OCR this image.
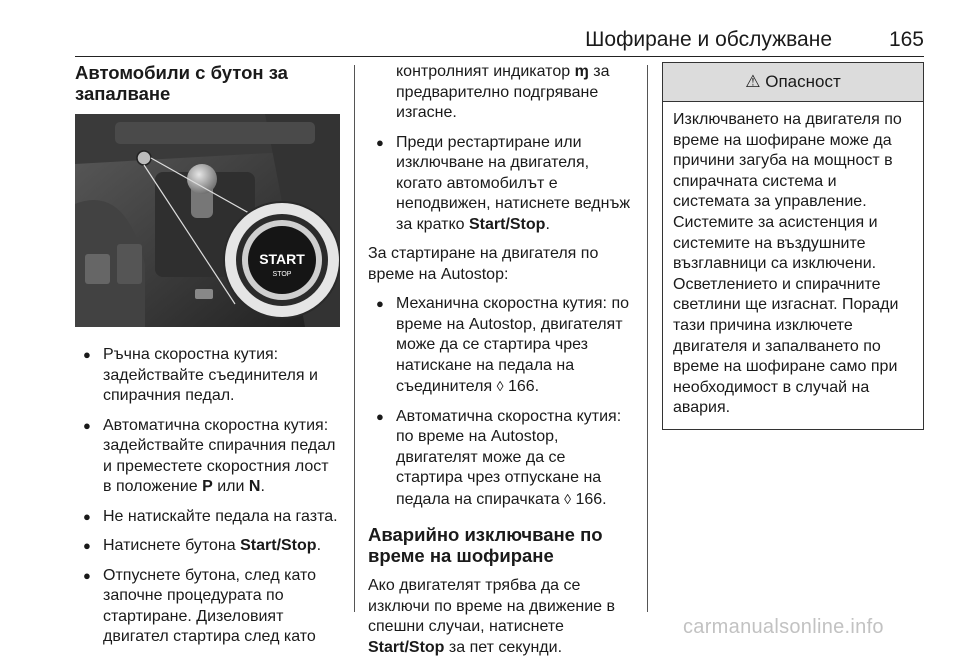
Шофиране и обслужване	165
Автомобили с бутон за запалване
START
STOP
● Ръчна скоростна кутия: задействайте съединителя и спирачния педал.
● Автоматична скоростна кутия: задействайте спирачния педал и преместете скоростния лост в положение P или N.
● Не натискайте педала на газта.
● Натиснете бутона Start/Stop.
● Отпуснете бутона, след като започне процедурата по стартиране. Дизеловият двигател стартира след като
контролният индикатор ɱ за предварително подгряване изгасне.
● Преди рестартиране или изключване на двигателя, когато автомобилът е неподвижен, натиснете веднъж за кратко Start/Stop.

За стартиране на двигателя по време на Autostop:

● Механична скоростна кутия: по време на Autostop, двигателят може да се стартира чрез натискане на педала на съединителя ◊ 166.
● Автоматична скоростна кутия: по време на Autostop, двигателят може да се стартира чрез отпускане на педала на спирачката ◊ 166.
Аварийно изключване по време на шофиране

Ако двигателят трябва да се изключи по време на движение в спешни случаи, натиснете Start/Stop за пет секунди.

⚠ Опасност
Изключването на двигателя по време на шофиране може да причини загуба на мощност в спирачната система и системата за управление. Системите за асистенция и системите на въздушните възглавници са изключени. Осветлението и спирачните светлини ще изгаснат. Поради тази причина изключете двигателя и запалването по време на шофиране само при необходимост в случай на авария.
carmanualsonline.info
